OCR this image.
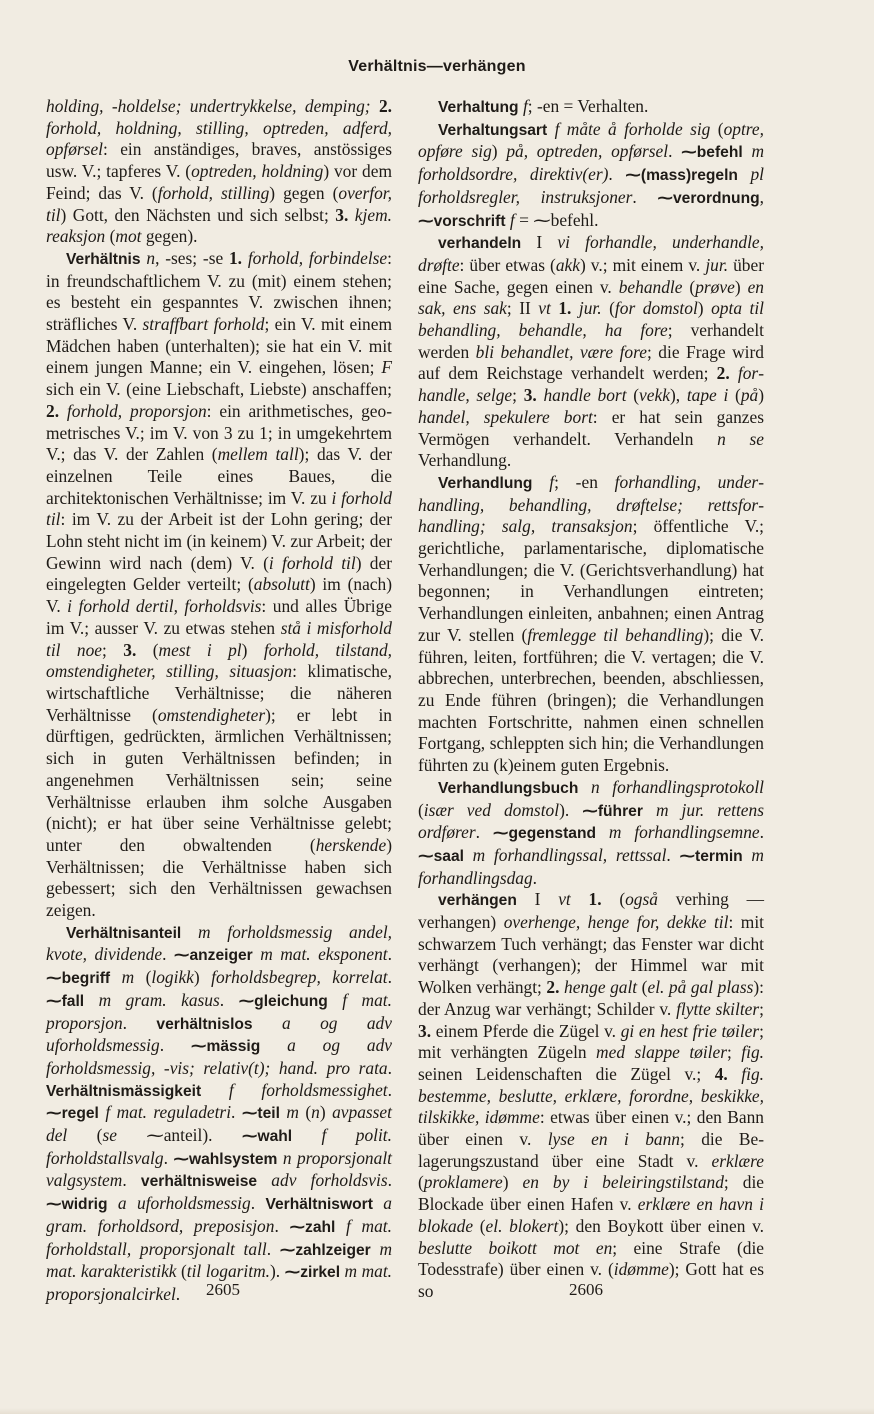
Verhältnis—verhängen

holding, -holdelse; undertrykkelse, demping; 2. forhold, holdning, stilling, optreden, adferd, opførsel: ein anständiges, braves, anstössiges usw. V.; tapferes V. (optreden, holdning) vor dem Feind; das V. (forhold, stilling) gegen (overfor, til) Gott, den Nächsten und sich selbst; 3. kjem. reaksjon (mot gegen).

Verhältnis n, -ses; -se 1. forhold, forbindelse: in freundschaftlichem V. zu (mit) einem stehen; es besteht ein gespanntes V. zwischen ihnen; sträfliches V. straffbart forhold; ein V. mit einem Mädchen haben (unterhalten); sie hat ein V. mit einem jungen Manne; ein V. eingehen, lösen; F sich ein V. (eine Liebschaft, Liebste) anschaffen; 2. forhold, proporsjon: ein arithmetisches, geometrisches V.; im V. von 3 zu 1; in umgekehrtem V.; das V. der Zahlen (mellem tall); das V. der einzelnen Teile eines Baues, die architektonischen Verhältnisse; im V. zu i forhold til: im V. zu der Arbeit ist der Lohn gering; der Lohn steht nicht im (in keinem) V. zur Arbeit; der Gewinn wird nach (dem) V. (i forhold til) der eingelegten Gelder verteilt; (absolutt) im (nach) V. i forhold dertil, forholdsvis: und alles Übrige im V.; ausser V. zu etwas stehen stå i misforhold til noe; 3. (mest i pl) forhold, tilstand, omstendigheter, stilling, situasjon: klimatische, wirtschaftliche Verhältnisse; die näheren Verhältnisse (omstendigheter); er lebt in dürftigen, gedrückten, ärmlichen Verhältnissen; sich in guten Verhältnissen befinden; in angenehmen Verhältnissen sein; seine Verhältnisse erlauben ihm solche Ausgaben (nicht); er hat über seine Verhältnisse gelebt; unter den obwaltenden (herskende) Verhältnissen; die Verhältnisse haben sich gebessert; sich den Verhältnissen gewachsen zeigen.

Verhältnisanteil m forholdsmessig andel, kvote, dividende. ⁓anzeiger m mat. eksponent. ⁓begriff m (logikk) forholdsbegrep, korrelat. ⁓fall m gram. kasus. ⁓gleichung f mat. proporsjon. verhältnislos a og adv uforholdsmessig. ⁓mässig a og adv forholdsmessig, -vis; relativ(t); hand. pro rata. Verhältnismässigkeit f forholdsmessighet. ⁓regel f mat. reguladetri. ⁓teil m (n) avpasset del (se ⁓anteil). ⁓wahl f polit. forholdstallsvalg. ⁓wahlsystem n proporsjonalt valgsystem. verhältnisweise adv forholdsvis. ⁓widrig a uforholdsmessig. Verhältniswort a gram. forholdsord, preposisjon. ⁓zahl f mat. forholdstall, proporsjonalt tall. ⁓zahlzeiger m mat. karakteristikk (til logaritm.). ⁓zirkel m mat. proporsjonalcirkel.

Verhaltung f; -en = Verhalten.

Verhaltungsart f måte å forholde sig (optre, opføre sig) på, optreden, opførsel. ⁓befehl m forholdsordre, direktiv(er). ⁓(mass)regeln pl forholdsregler, instruksjoner. ⁓verordnung, ⁓vorschrift f = ⁓befehl.

verhandeln I vi forhandle, underhandle, drøfte: über etwas (akk) v.; mit einem v. jur. über eine Sache, gegen einen v. behandle (prøve) en sak, ens sak; II vt 1. jur. (for domstol) opta til behandling, behandle, ha fore; verhandelt werden bli behandlet, være fore; die Frage wird auf dem Reichstage verhandelt werden; 2. forhandle, selge; 3. handle bort (vekk), tape i (på) handel, spekulere bort: er hat sein ganzes Vermögen verhandelt. Verhandeln n se Verhandlung.

Verhandlung f; -en forhandling, underhandling, behandling, drøftelse; rettsforhandling; salg, transaksjon; öffentliche V.; gerichtliche, parlamentarische, diplomatische Verhandlungen; die V. (Gerichtsverhandlung) hat begonnen; in Verhandlungen eintreten; Verhandlungen einleiten, anbahnen; einen Antrag zur V. stellen (fremlegge til behandling); die V. führen, leiten, fortführen; die V. vertagen; die V. abbrechen, unterbrechen, beenden, abschliessen, zu Ende führen (bringen); die Verhandlungen machten Fortschritte, nahmen einen schnellen Fortgang, schleppten sich hin; die Verhandlungen führten zu (k)einem guten Ergebnis.

Verhandlungsbuch n forhandlingsprotokoll (især ved domstol). ⁓führer m jur. rettens ordfører. ⁓gegenstand m forhandlingsemne. ⁓saal m forhandlingssal, rettssal. ⁓termin m forhandlingsdag.

verhängen I vt 1. (også verhing — verhangen) overhenge, henge for, dekke til: mit schwarzem Tuch verhängt; das Fenster war dicht verhängt (verhangen); der Himmel war mit Wolken verhängt; 2. henge galt (el. på gal plass): der Anzug war verhängt; Schilder v. flytte skilter; 3. einem Pferde die Zügel v. gi en hest frie tøiler; mit verhängten Zügeln med slappe tøiler; fig. seinen Leidenschaften die Zügel v.; 4. fig. bestemme, beslutte, erklære, forordne, beskikke, tilskikke, idømme: etwas über einen v.; den Bann über einen v. lyse en i bann; die Belagerungszustand über eine Stadt v. erklære (proklamere) en by i beleiringstilstand; die Blockade über einen Hafen v. erklære en havn i blokade (el. blokert); den Boykott über einen v. beslutte boikott mot en; eine Strafe (die Todesstrafe) über einen v. (idømme); Gott hat es so

2605	2606
